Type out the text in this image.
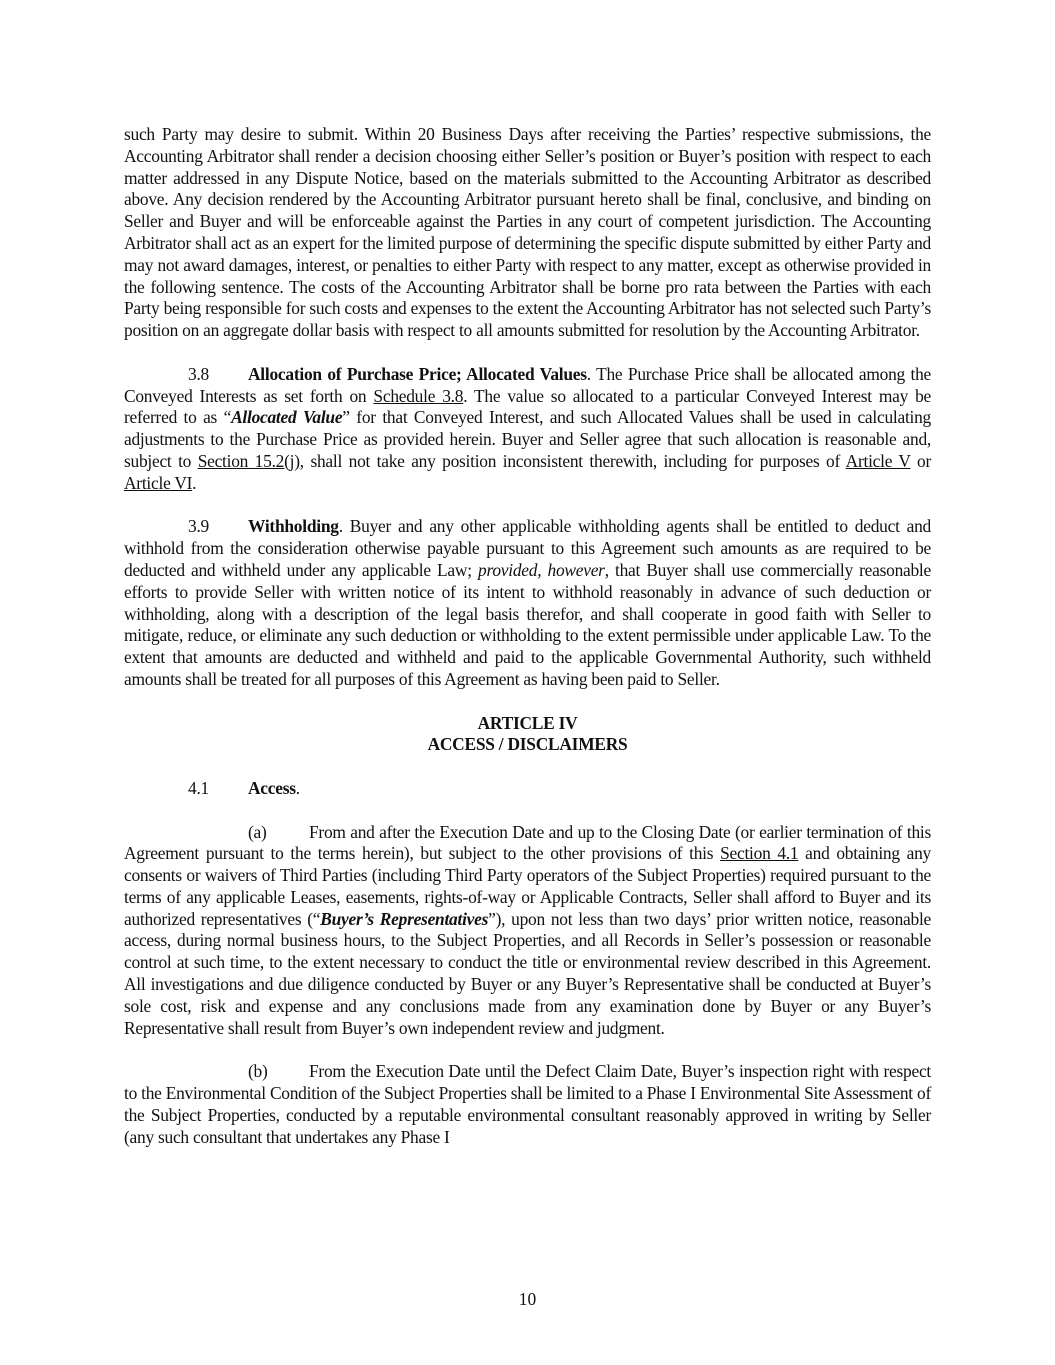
such Party may desire to submit. Within 20 Business Days after receiving the Parties’ respective submissions, the Accounting Arbitrator shall render a decision choosing either Seller’s position or Buyer’s position with respect to each matter addressed in any Dispute Notice, based on the materials submitted to the Accounting Arbitrator as described above. Any decision rendered by the Accounting Arbitrator pursuant hereto shall be final, conclusive, and binding on Seller and Buyer and will be enforceable against the Parties in any court of competent jurisdiction. The Accounting Arbitrator shall act as an expert for the limited purpose of determining the specific dispute submitted by either Party and may not award damages, interest, or penalties to either Party with respect to any matter, except as otherwise provided in the following sentence. The costs of the Accounting Arbitrator shall be borne pro rata between the Parties with each Party being responsible for such costs and expenses to the extent the Accounting Arbitrator has not selected such Party’s position on an aggregate dollar basis with respect to all amounts submitted for resolution by the Accounting Arbitrator.

3.8 Allocation of Purchase Price; Allocated Values. The Purchase Price shall be allocated among the Conveyed Interests as set forth on Schedule 3.8. The value so allocated to a particular Conveyed Interest may be referred to as “Allocated Value” for that Conveyed Interest, and such Allocated Values shall be used in calculating adjustments to the Purchase Price as provided herein. Buyer and Seller agree that such allocation is reasonable and, subject to Section 15.2(j), shall not take any position inconsistent therewith, including for purposes of Article V or Article VI.

3.9 Withholding. Buyer and any other applicable withholding agents shall be entitled to deduct and withhold from the consideration otherwise payable pursuant to this Agreement such amounts as are required to be deducted and withheld under any applicable Law; provided, however, that Buyer shall use commercially reasonable efforts to provide Seller with written notice of its intent to withhold reasonably in advance of such deduction or withholding, along with a description of the legal basis therefor, and shall cooperate in good faith with Seller to mitigate, reduce, or eliminate any such deduction or withholding to the extent permissible under applicable Law. To the extent that amounts are deducted and withheld and paid to the applicable Governmental Authority, such withheld amounts shall be treated for all purposes of this Agreement as having been paid to Seller.

ARTICLE IV
ACCESS / DISCLAIMERS

4.1 Access.

(a) From and after the Execution Date and up to the Closing Date (or earlier termination of this Agreement pursuant to the terms herein), but subject to the other provisions of this Section 4.1 and obtaining any consents or waivers of Third Parties (including Third Party operators of the Subject Properties) required pursuant to the terms of any applicable Leases, easements, rights-of-way or Applicable Contracts, Seller shall afford to Buyer and its authorized representatives (“Buyer’s Representatives”), upon not less than two days’ prior written notice, reasonable access, during normal business hours, to the Subject Properties, and all Records in Seller’s possession or reasonable control at such time, to the extent necessary to conduct the title or environmental review described in this Agreement. All investigations and due diligence conducted by Buyer or any Buyer’s Representative shall be conducted at Buyer’s sole cost, risk and expense and any conclusions made from any examination done by Buyer or any Buyer’s Representative shall result from Buyer’s own independent review and judgment.

(b) From the Execution Date until the Defect Claim Date, Buyer’s inspection right with respect to the Environmental Condition of the Subject Properties shall be limited to a Phase I Environmental Site Assessment of the Subject Properties, conducted by a reputable environmental consultant reasonably approved in writing by Seller (any such consultant that undertakes any Phase I

10
